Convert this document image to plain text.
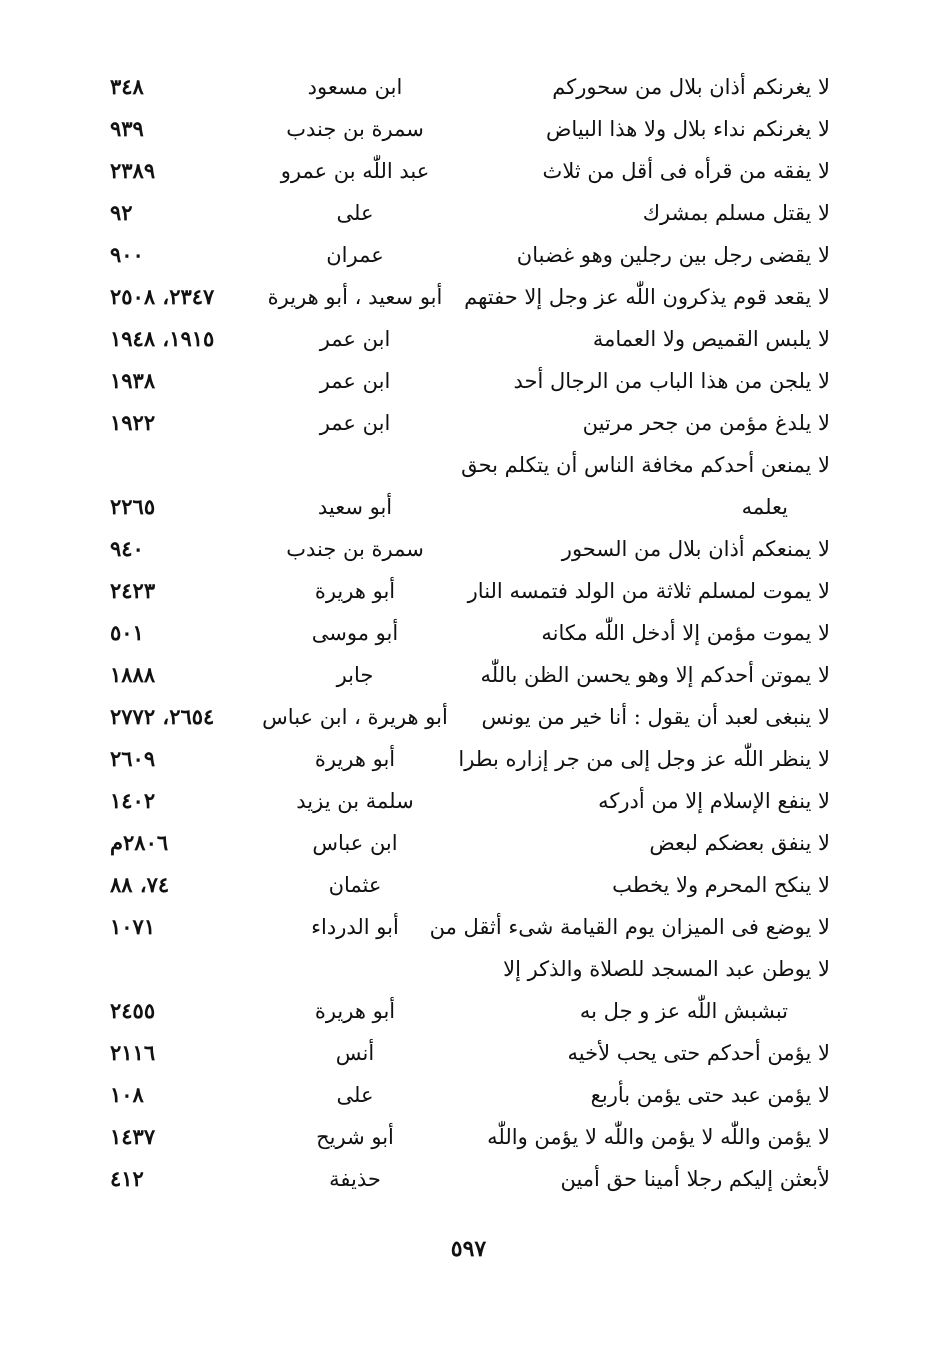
لا يغرنكم أذان بلال من سحوركم
ابن مسعود
٣٤٨
لا يغرنكم نداء بلال ولا هذا البياض
سمرة بن جندب
٩٣٩
لا يفقه من قرأه فى أقل من ثلاث
عبد اللّٰه بن عمرو
٢٣٨٩
لا يقتل مسلم بمشرك
على
٩٢
لا يقضى رجل بين رجلين وهو غضبان
عمران
٩٠٠
لا يقعد قوم يذكرون اللّٰه عز وجل إلا حفتهم
أبو سعيد ، أبو هريرة
٢٣٤٧، ٢٥٠٨
لا يلبس القميص ولا العمامة
ابن عمر
١٩١٥، ١٩٤٨
لا يلجن من هذا الباب من الرجال أحد
ابن عمر
١٩٣٨
لا يلدغ مؤمن من جحر مرتين
ابن عمر
١٩٢٢
لا يمنعن أحدكم مخافة الناس أن يتكلم بحق
يعلمه
أبو سعيد
٢٢٦٥
لا يمنعكم أذان بلال من السحور
سمرة بن جندب
٩٤٠
لا يموت لمسلم ثلاثة من الولد فتمسه النار
أبو هريرة
٢٤٢٣
لا يموت مؤمن إلا أدخل اللّٰه مكانه
أبو موسى
٥٠١
لا يموتن أحدكم إلا وهو يحسن الظن باللّٰه
جابر
١٨٨٨
لا ينبغى لعبد أن يقول : أنا خير من يونس
أبو هريرة ، ابن عباس
٢٦٥٤، ٢٧٧٢
لا ينظر اللّٰه عز وجل إلى من جر إزاره بطرا
أبو هريرة
٢٦٠٩
لا ينفع الإسلام إلا من أدركه
سلمة بن يزيد
١٤٠٢
لا ينفق بعضكم لبعض
ابن عباس
٢٨٠٦م
لا ينكح المحرم ولا يخطب
عثمان
٧٤، ٨٨
لا يوضع فى الميزان يوم القيامة شىء أثقل من
أبو الدرداء
١٠٧١
لا يوطن عبد المسجد للصلاة والذكر إلا
تبشبش اللّٰه عز و جل به
أبو هريرة
٢٤٥٥
لا يؤمن أحدكم حتى يحب لأخيه
أنس
٢١١٦
لا يؤمن عبد حتى يؤمن بأربع
على
١٠٨
لا يؤمن واللّٰه لا يؤمن واللّٰه لا يؤمن واللّٰه
أبو شريح
١٤٣٧
لأبعثن إليكم رجلا أمينا حق أمين
حذيفة
٤١٢
٥٩٧
